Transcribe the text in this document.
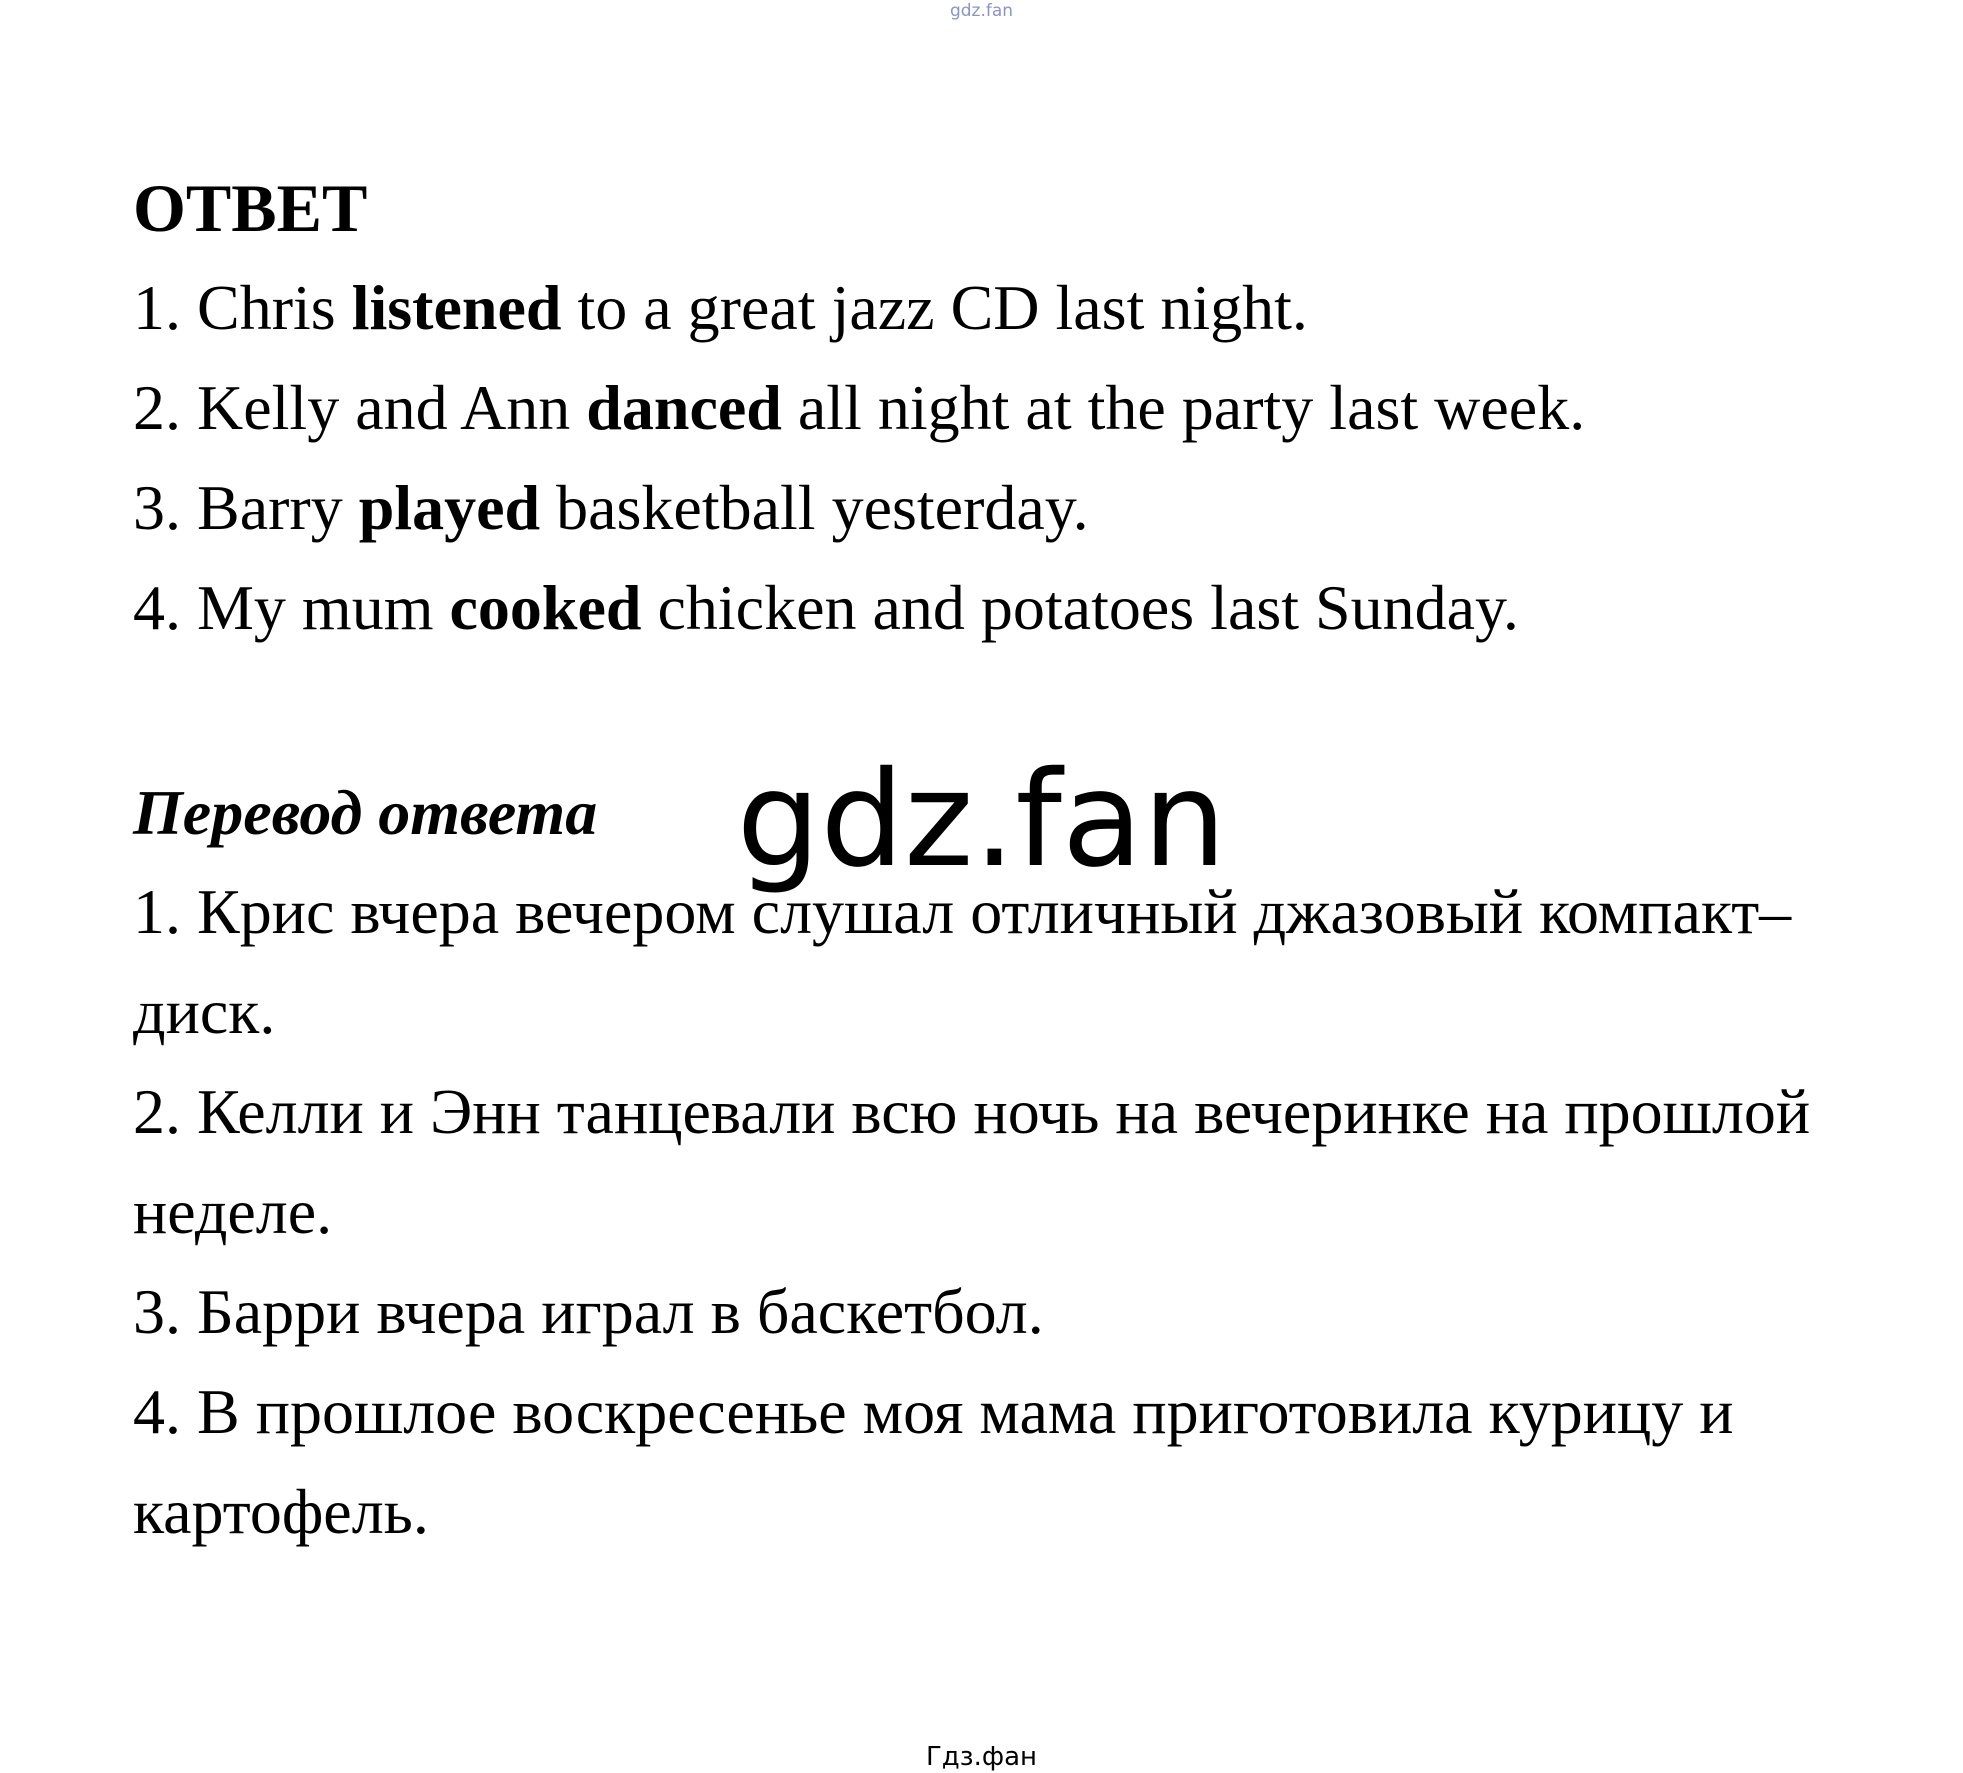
gdz.fan
ОТВЕТ

1. Chris listened to a great jazz CD last night.

2. Kelly and Ann danced all night at the party last week.

3. Barry played basketball yesterday.

4. My mum cooked chicken and potatoes last Sunday.

Перевод ответа	gdz.fan

1. Крис вчера вечером слушал отличный джазовый компакт–диск.

2. Келли и Энн танцевали всю ночь на вечеринке на прошлой неделе.

3. Барри вчера играл в баскетбол.

4. В прошлое воскресенье моя мама приготовила курицу и картофель.

Гдз.фан
